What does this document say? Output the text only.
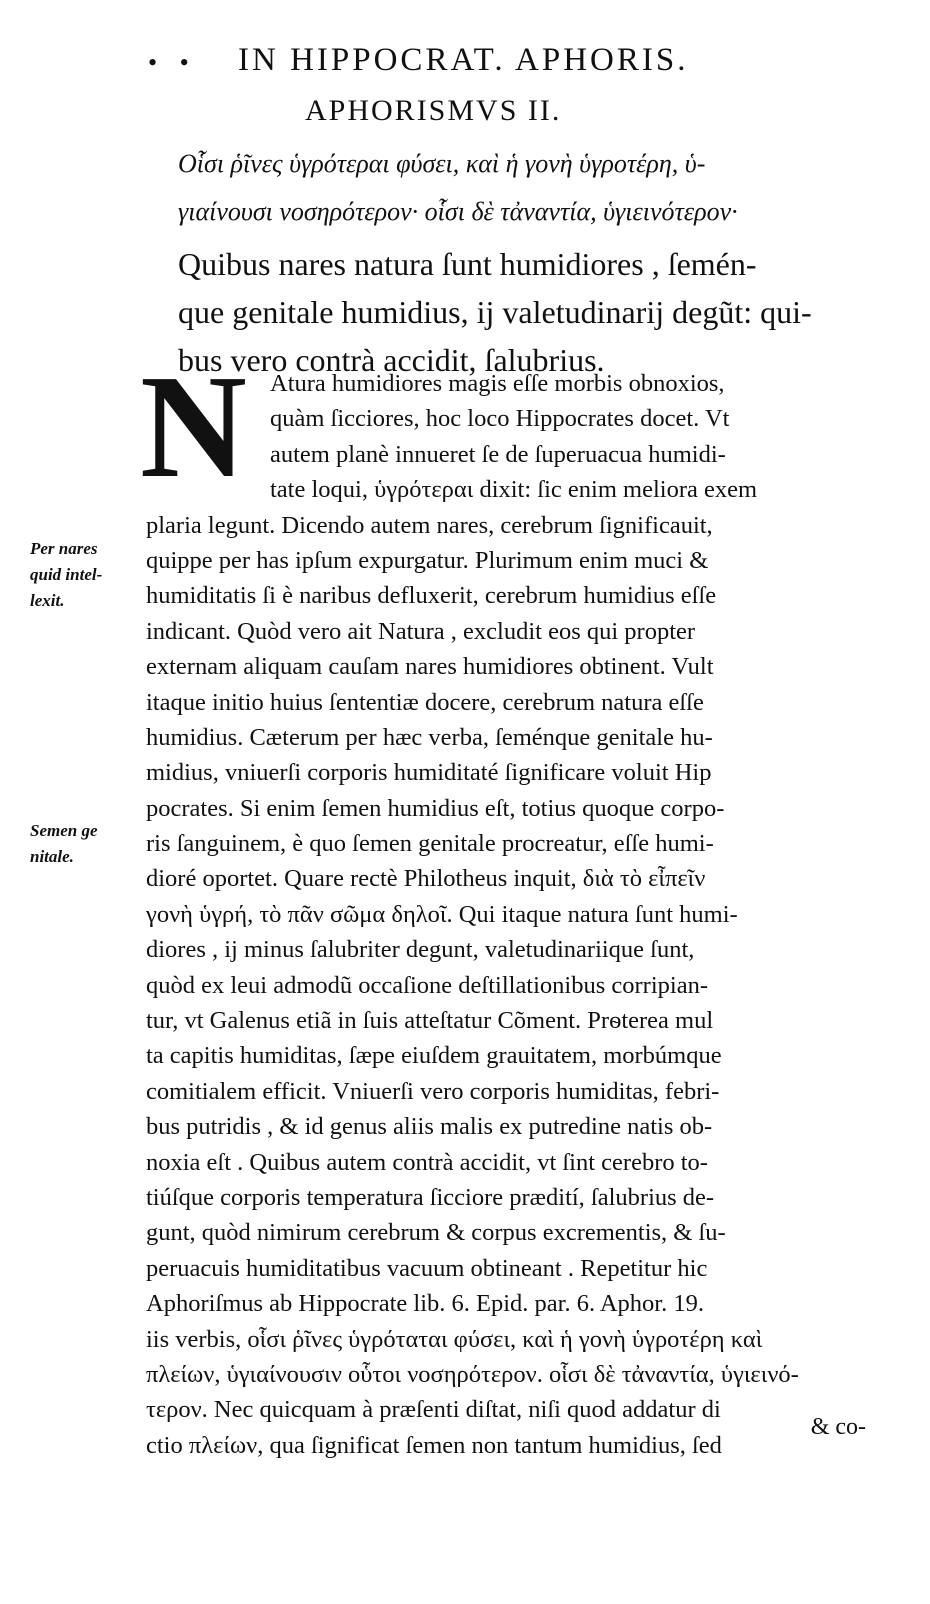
• • IN HIPPOCRAT. APHORIS.
APHORISMVS II.
Οἷσι ῥῖνες ὑγρότεραι φύσει, καὶ ἡ γονὴ ὑγροτέρη, ὑ-
γιαίνουσι νοσηρότερον· οἷσι δὲ τἀναντία, ὑγιεινότερον·
Quibus nares natura ſunt humidiores , ſemén-
que genitale humidius, ij valetudinarij degũt: qui-
bus vero contrà accidit, ſalubrius.
N Atura humidiores magis eſſe morbis obnoxios,
quàm ſicciores, hoc loco Hippocrates docet. Vt
autem planè innueret ſe de ſuperuacua humidi-
tate loqui, ὑγρότεραι dixit: ſic enim meliora exem
plaria legunt. Dicendo autem nares, cerebrum ſignificauit,
quippe per has ipſum expurgatur. Plurimum enim muci &
humiditatis ſi è naribus defluxerit, cerebrum humidius eſſe
indicant. Quòd vero ait Natura , excludit eos qui propter
externam aliquam cauſam nares humidiores obtinent. Vult
itaque initio huius ſententiæ docere, cerebrum natura eſſe
humidius. Cæterum per hæc verba, ſeménque genitale hu-
midius, vniuerſi corporis humiditaté ſignificare voluit Hip
pocrates. Si enim ſemen humidius eſt, totius quoque corpo-
ris ſanguinem, è quo ſemen genitale procreatur, eſſe humi-
dioré oportet. Quare rectè Philotheus inquit, διὰ τὸ εἶπεῖν
γονὴ ὑγρή, τὸ πᾶν σῶμα δηλοῖ. Qui itaque natura ſunt humi-
diores , ij minus ſalubriter degunt, valetudinariique ſunt,
quòd ex leui admodũ occaſione deſtillationibus corripian-
tur, vt Galenus etiã in ſuis atteſtatur Cõment. Prѳterea mul
ta capitis humiditas, ſæpe eiuſdem grauitatem, morbúmque
comitialem efficit. Vniuerſi vero corporis humiditas, febri-
bus putridis , & id genus aliis malis ex putredine natis ob-
noxia eſt . Quibus autem contrà accidit, vt ſint cerebro to-
tiúſque corporis temperatura ſicciore prædití, ſalubrius de-
gunt, quòd nimirum cerebrum & corpus excrementis, & ſu-
peruacuis humiditatibus vacuum obtineant . Repetitur hic
Aphoriſmus ab Hippocrate lib. 6. Epid. par. 6. Aphor. 19.
iis verbis, οἷσι ῥῖνες ὑγρόταται φύσει, καὶ ἡ γονὴ ὑγροτέρη καὶ
πλείων, ὑγιαίνουσιν οὗτοι νοσηρότερον. οἷσι δὲ τἀναντία, ὑγιεινό-
τερον. Nec quicquam à præſenti diſtat, niſi quod addatur di
ctio πλείων, qua ſignificat ſemen non tantum humidius, ſed
Per nares
quid intel-
lexit.
Semen ge
nitale.
& co-
